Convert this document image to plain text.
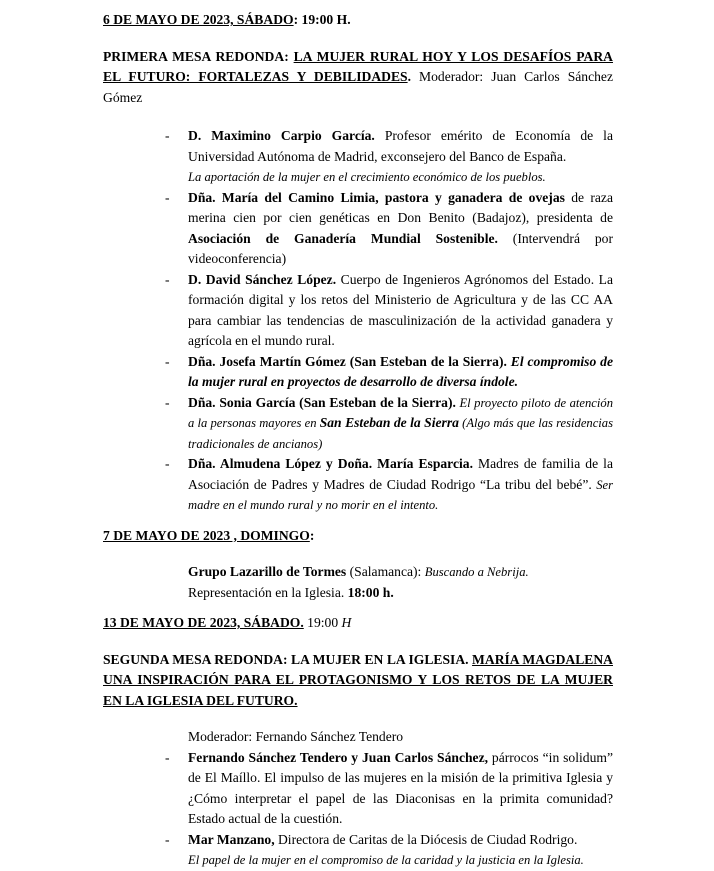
6 DE MAYO DE 2023, SÁBADO: 19:00 H.

PRIMERA MESA REDONDA: LA MUJER RURAL HOY Y LOS DESAFÍOS PARA EL FUTURO: FORTALEZAS Y DEBILIDADES. Moderador: Juan Carlos Sánchez Gómez

- D. Maximino Carpio García. Profesor emérito de Economía de la Universidad Autónoma de Madrid, exconsejero del Banco de España.
La aportación de la mujer en el crecimiento económico de los pueblos.
- Dña. María del Camino Limia, pastora y ganadera de ovejas de raza merina cien por cien genéticas en Don Benito (Badajoz), presidenta de Asociación de Ganadería Mundial Sostenible. (Intervendrá por videoconferencia)
- D. David Sánchez López. Cuerpo de Ingenieros Agrónomos del Estado. La formación digital y los retos del Ministerio de Agricultura y de las CC AA para cambiar las tendencias de masculinización de la actividad ganadera y agrícola en el mundo rural.
- Dña. Josefa Martín Gómez (San Esteban de la Sierra). El compromiso de la mujer rural en proyectos de desarrollo de diversa índole.
- Dña. Sonia García (San Esteban de la Sierra). El proyecto piloto de atención a la personas mayores en San Esteban de la Sierra (Algo más que las residencias tradicionales de ancianos)
- Dña. Almudena López y Doña. María Esparcia. Madres de familia de la Asociación de Padres y Madres de Ciudad Rodrigo “La tribu del bebé”. Ser madre en el mundo rural y no morir en el intento.

7 DE MAYO DE 2023 , DOMINGO:

Grupo Lazarillo de Tormes (Salamanca): Buscando a Nebrija.
Representación en la Iglesia. 18:00 h.

13 DE MAYO DE 2023, SÁBADO. 19:00 H

SEGUNDA MESA REDONDA: LA MUJER EN LA IGLESIA. MARÍA MAGDALENA UNA INSPIRACIÓN PARA EL PROTAGONISMO Y LOS RETOS DE LA MUJER EN LA IGLESIA DEL FUTURO.

Moderador: Fernando Sánchez Tendero
- Fernando Sánchez Tendero y Juan Carlos Sánchez, párrocos “in solidum” de El Maíllo. El impulso de las mujeres en la misión de la primitiva Iglesia y ¿Cómo interpretar el papel de las Diaconisas en la primita comunidad? Estado actual de la cuestión.
- Mar Manzano, Directora de Caritas de la Diócesis de Ciudad Rodrigo.
El papel de la mujer en el compromiso de la caridad y la justicia en la Iglesia.
